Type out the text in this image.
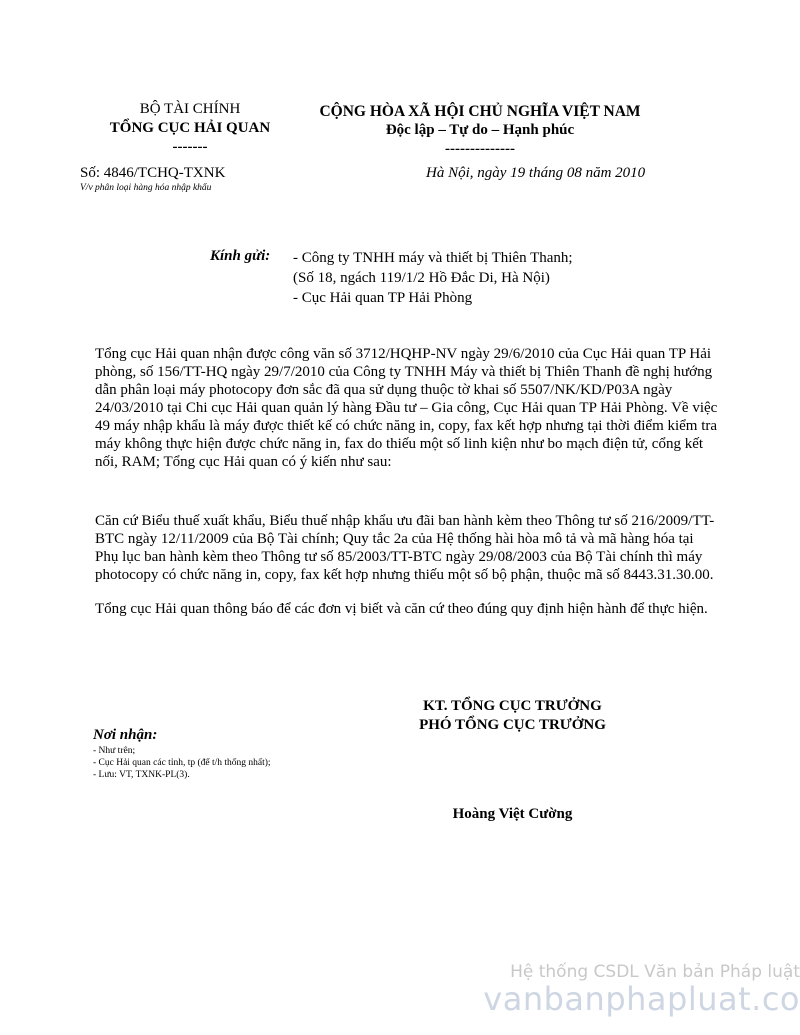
BỘ TÀI CHÍNH
TỔNG CỤC HẢI QUAN
-------
CỘNG HÒA XÃ HỘI CHỦ NGHĨA VIỆT NAM
Độc lập – Tự do – Hạnh phúc
--------------
Số: 4846/TCHQ-TXNK
V/v phân loại hàng hóa nhập khẩu
Hà Nội, ngày 19 tháng 08 năm 2010
Kính gửi: - Công ty TNHH máy và thiết bị Thiên Thanh;
(Số 18, ngách 119/1/2 Hồ Đắc Di, Hà Nội)
- Cục Hải quan TP Hải Phòng

Tổng cục Hải quan nhận được công văn số 3712/HQHP-NV ngày 29/6/2010 của Cục Hải quan TP Hải phòng, số 156/TT-HQ ngày 29/7/2010 của Công ty TNHH Máy và thiết bị Thiên Thanh đề nghị hướng dẫn phân loại máy photocopy đơn sắc đã qua sử dụng thuộc tờ khai số 5507/NK/KD/P03A ngày 24/03/2010 tại Chi cục Hải quan quản lý hàng Đầu tư – Gia công, Cục Hải quan TP Hải Phòng. Về việc 49 máy nhập khẩu là máy được thiết kế có chức năng in, copy, fax kết hợp nhưng tại thời điểm kiểm tra máy không thực hiện được chức năng in, fax do thiếu một số linh kiện như bo mạch điện tử, cổng kết nối, RAM; Tổng cục Hải quan có ý kiến như sau:

Căn cứ Biểu thuế xuất khẩu, Biểu thuế nhập khẩu ưu đãi ban hành kèm theo Thông tư số 216/2009/TT-BTC ngày 12/11/2009 của Bộ Tài chính; Quy tắc 2a của Hệ thống hài hòa mô tả và mã hàng hóa tại Phụ lục ban hành kèm theo Thông tư số 85/2003/TT-BTC ngày 29/08/2003 của Bộ Tài chính thì máy photocopy có chức năng in, copy, fax kết hợp nhưng thiếu một số bộ phận, thuộc mã số 8443.31.30.00.

Tổng cục Hải quan thông báo để các đơn vị biết và căn cứ theo đúng quy định hiện hành để thực hiện.

KT. TỔNG CỤC TRƯỞNG
PHÓ TỔNG CỤC TRƯỞNG
Hoàng Việt Cường
Nơi nhận:
- Như trên;
- Cục Hải quan các tỉnh, tp (để t/h thống nhất);
- Lưu: VT, TXNK-PL(3).
Hệ thống CSDL Văn bản Pháp luật
vanbanphapluat.co
